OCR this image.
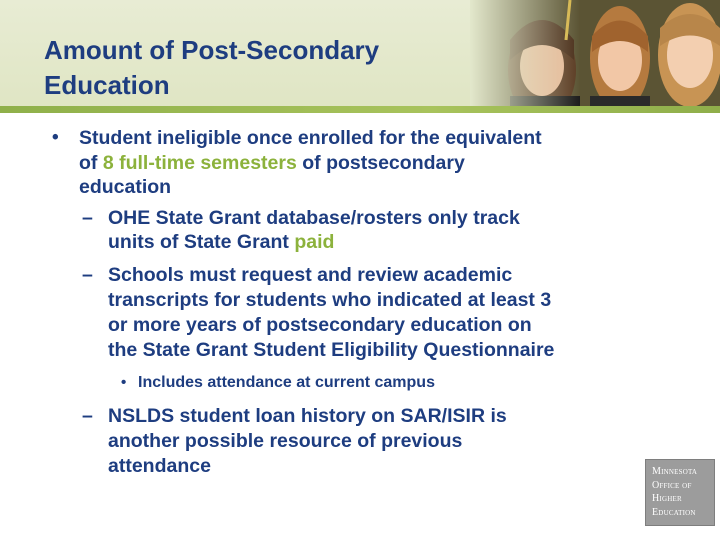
Amount of Post-Secondary
Education
• Student ineligible once enrolled for the equivalent
of 8 full-time semesters of postsecondary
education
– OHE State Grant database/rosters only track
units of State Grant paid
– Schools must request and review academic
transcripts for students who indicated at least 3
or more years of postsecondary education on
the State Grant Student Eligibility Questionnaire
• Includes attendance at current campus
– NSLDS student loan history on SAR/ISIR is
another possible resource of previous
attendance	Minnesota
Office of
Higher
Education
